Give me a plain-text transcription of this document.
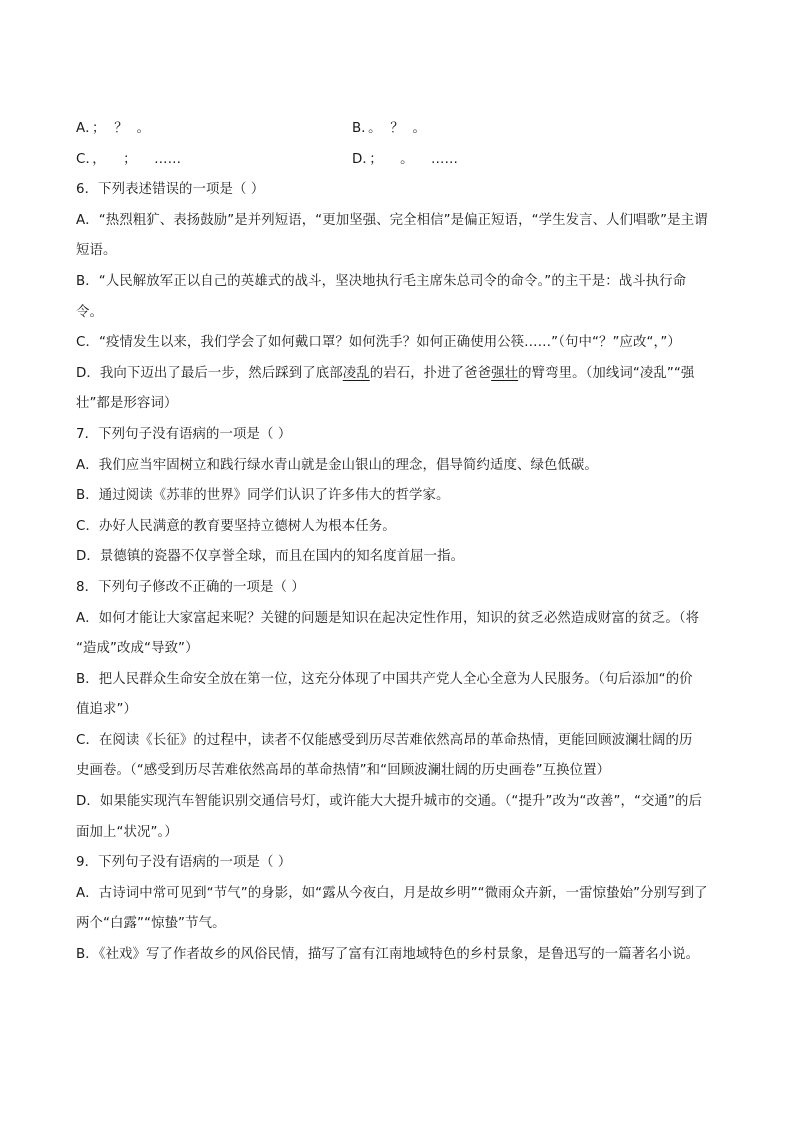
A．；  ？  。	B．。  ？  。
C．，    ；    ……	D．；    。    ……
6．下列表述错误的一项是（ ）
A．“热烈粗犷、表扬鼓励”是并列短语，“更加坚强、完全相信”是偏正短语，“学生发言、人们唱歌”是主谓
短语。
B．“人民解放军正以自己的英雄式的战斗，坚决地执行毛主席朱总司令的命令。”的主干是：战斗执行命
令。
C．“疫情发生以来，我们学会了如何戴口罩？如何洗手？如何正确使用公筷……”（句中“？”应改“，”）
D．我向下迈出了最后一步，然后踩到了底部凌乱的岩石，扑进了爸爸强壮的臂弯里。（加线词“凌乱”“强
壮”都是形容词）
7．下列句子没有语病的一项是（ ）
A．我们应当牢固树立和践行绿水青山就是金山银山的理念，倡导简约适度、绿色低碳。
B．通过阅读《苏菲的世界》同学们认识了许多伟大的哲学家。
C．办好人民满意的教育要坚持立德树人为根本任务。
D．景德镇的瓷器不仅享誉全球，而且在国内的知名度首屈一指。
8．下列句子修改不正确的一项是（ ）
A．如何才能让大家富起来呢？关键的问题是知识在起决定性作用，知识的贫乏必然造成财富的贫乏。（将
“造成”改成“导致”）
B．把人民群众生命安全放在第一位，这充分体现了中国共产党人全心全意为人民服务。（句后添加“的价
值追求”）
C．在阅读《长征》的过程中，读者不仅能感受到历尽苦难依然高昂的革命热情，更能回顾波澜壮阔的历
史画卷。（“感受到历尽苦难依然高昂的革命热情”和“回顾波澜壮阔的历史画卷”互换位置）
D．如果能实现汽车智能识别交通信号灯，或许能大大提升城市的交通。（“提升”改为“改善”，“交通”的后
面加上“状况”。）
9．下列句子没有语病的一项是（ ）
A．古诗词中常可见到“节气”的身影，如“露从今夜白，月是故乡明”“微雨众卉新，一雷惊蛰始”分别写到了
两个“白露”“惊蛰”节气。
B．《社戏》写了作者故乡的风俗民情，描写了富有江南地域特色的乡村景象，是鲁迅写的一篇著名小说。
